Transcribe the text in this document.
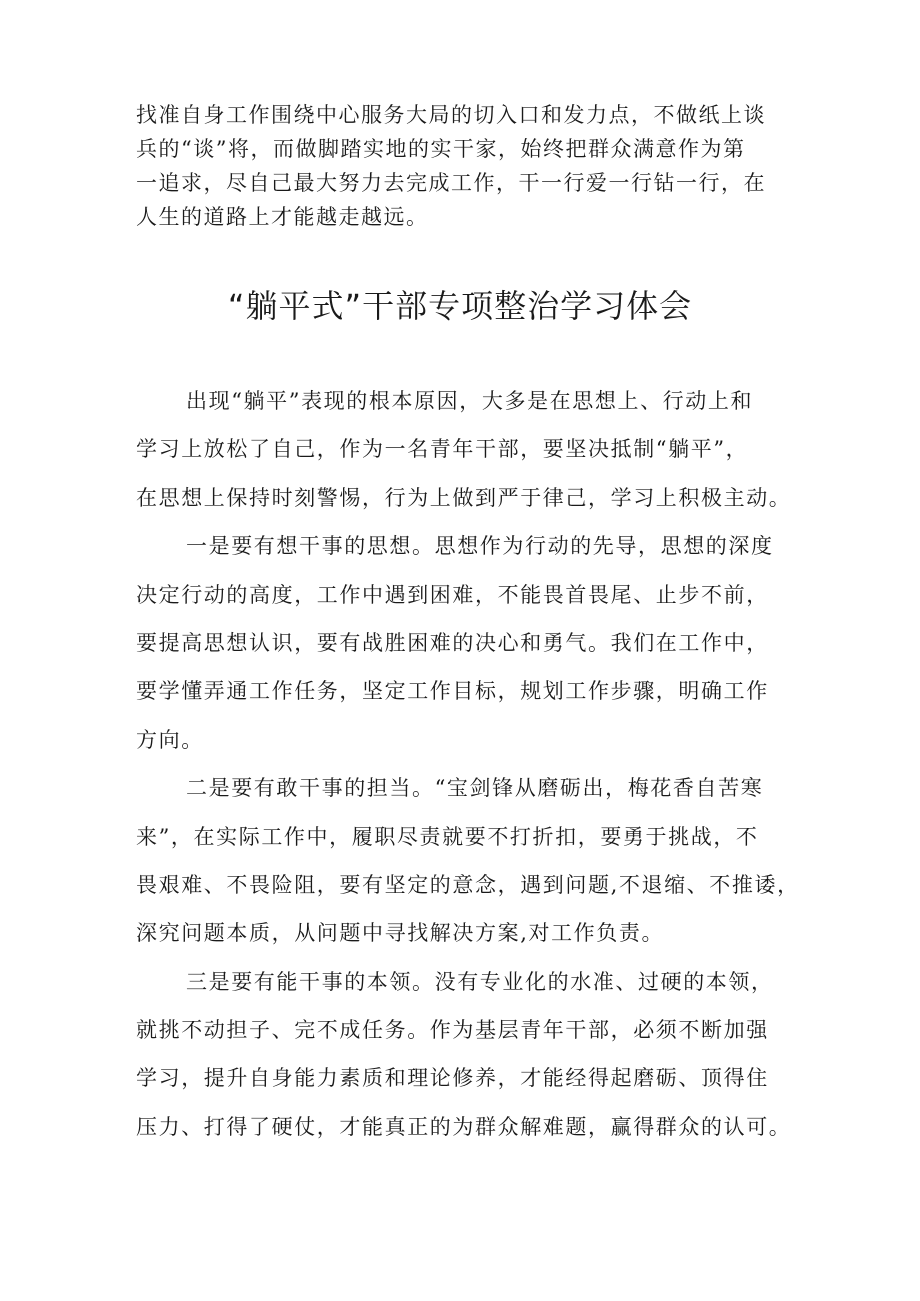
找准自身工作围绕中心服务大局的切入口和发力点，不做纸上谈
兵的“谈”将，而做脚踏实地的实干家，始终把群众满意作为第
一追求，尽自己最大努力去完成工作，干一行爱一行钻一行，在
人生的道路上才能越走越远。
“躺平式”干部专项整治学习体会
出现“躺平”表现的根本原因，大多是在思想上、行动上和
学习上放松了自己，作为一名青年干部，要坚决抵制“躺平”，
在思想上保持时刻警惕，行为上做到严于律己，学习上积极主动。
一是要有想干事的思想。思想作为行动的先导，思想的深度
决定行动的高度，工作中遇到困难，不能畏首畏尾、止步不前，
要提高思想认识，要有战胜困难的决心和勇气。我们在工作中，
要学懂弄通工作任务，坚定工作目标，规划工作步骤，明确工作
方向。
二是要有敢干事的担当。“宝剑锋从磨砺出，梅花香自苦寒
来”，在实际工作中，履职尽责就要不打折扣，要勇于挑战，不
畏艰难、不畏险阻，要有坚定的意念，遇到问题,不退缩、不推诿，
深究问题本质，从问题中寻找解决方案,对工作负责。
三是要有能干事的本领。没有专业化的水准、过硬的本领，
就挑不动担子、完不成任务。作为基层青年干部，必须不断加强
学习，提升自身能力素质和理论修养，才能经得起磨砺、顶得住
压力、打得了硬仗，才能真正的为群众解难题，赢得群众的认可。
